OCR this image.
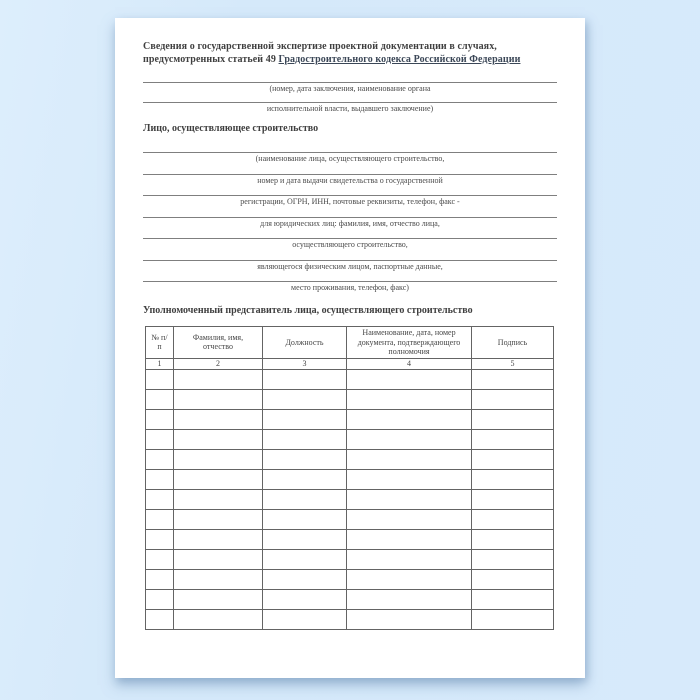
Сведения о государственной экспертизе проектной документации в случаях, предусмотренных статьей 49 Градостроительного кодекса Российской Федерации

(номер, дата заключения, наименование органа
исполнительной власти, выдавшего заключение)
Лицо, осуществляющее строительство
(наименование лица, осуществляющего строительство,
номер и дата выдачи свидетельства о государственной
регистрации, ОГРН, ИНН, почтовые реквизиты, телефон, факс -
для юридических лиц: фамилия, имя, отчество лица,
осуществляющего строительство,
являющегося физическим лицом, паспортные данные,
место проживания, телефон, факс)
Уполномоченный представитель лица, осуществляющего строительство
№ п/п	Фамилия, имя, отчество	Должность	Наименование, дата, номер документа, подтверждающего полномочия	Подпись
1	2	3	4	5
